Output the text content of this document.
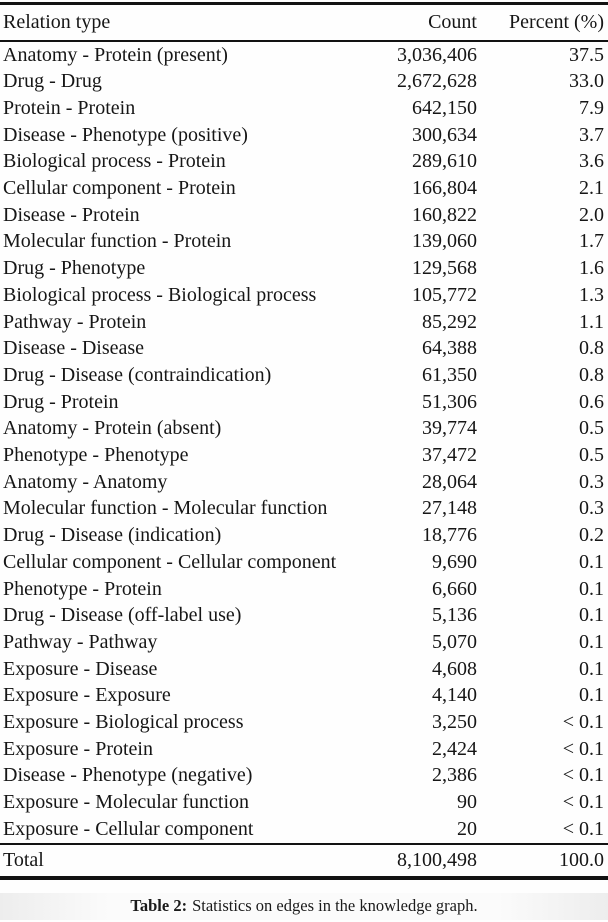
Relation type	Count	Percent (%)
Anatomy - Protein (present)	3,036,406	37.5
Drug - Drug	2,672,628	33.0
Protein - Protein	642,150	7.9
Disease - Phenotype (positive)	300,634	3.7
Biological process - Protein	289,610	3.6
Cellular component - Protein	166,804	2.1
Disease - Protein	160,822	2.0
Molecular function - Protein	139,060	1.7
Drug - Phenotype	129,568	1.6
Biological process - Biological process	105,772	1.3
Pathway - Protein	85,292	1.1
Disease - Disease	64,388	0.8
Drug - Disease (contraindication)	61,350	0.8
Drug - Protein	51,306	0.6
Anatomy - Protein (absent)	39,774	0.5
Phenotype - Phenotype	37,472	0.5
Anatomy - Anatomy	28,064	0.3
Molecular function - Molecular function	27,148	0.3
Drug - Disease (indication)	18,776	0.2
Cellular component - Cellular component	9,690	0.1
Phenotype - Protein	6,660	0.1
Drug - Disease (off-label use)	5,136	0.1
Pathway - Pathway	5,070	0.1
Exposure - Disease	4,608	0.1
Exposure - Exposure	4,140	0.1
Exposure - Biological process	3,250	< 0.1
Exposure - Protein	2,424	< 0.1
Disease - Phenotype (negative)	2,386	< 0.1
Exposure - Molecular function	90	< 0.1
Exposure - Cellular component	20	< 0.1
Total	8,100,498	100.0
Table 2: Statistics on edges in the knowledge graph.
